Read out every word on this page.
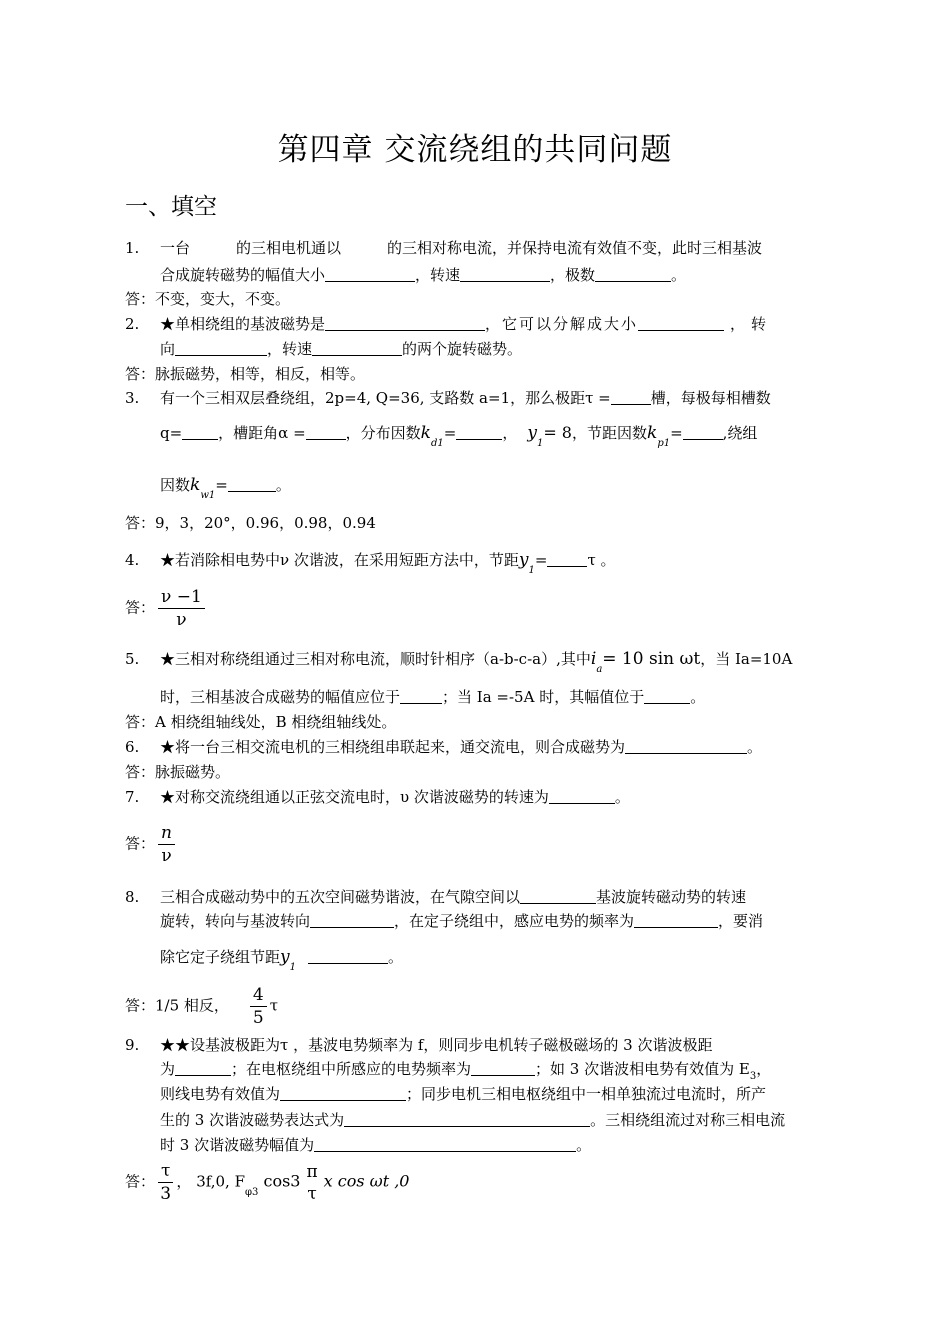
第四章 交流绕组的共同问题
一、填空
1. 一台	的三相电机通以	的三相对称电流，并保持电流有效值不变，此时三相基波
合成旋转磁势的幅值大小	，转速	，极数	。
答：不变，变大，不变。
2. ★单相绕组的基波磁势是	，它可以分解成大小	，转
向	，转速	的两个旋转磁势。
答：脉振磁势，相等，相反，相等。
3. 有一个三相双层叠绕组，2p=4, Q=36, 支路数 a=1，那么极距τ =	槽，每极每相槽数
q= ，槽距角α =	，分布因数$k_{d1}=$	， $y_1= 8$，节距因数$k_{p1}=$	,绕组
因数$k_{w1}=$	。
答：9，3，20°，0.96，0.98，0.94
4. ★若消除相电势中ν 次谐波，在采用短距方法中，节距$y_1=$	τ 。
答： $\frac{\nu -1}{\nu}$
5. ★三相对称绕组通过三相对称电流，顺时针相序（a-b-c-a）,其中$i_a= 10$ sin ωt，当 Ia=10A
时，三相基波合成磁势的幅值应位于	；当 Ia =-5A 时，其幅值位于	。
答：A 相绕组轴线处，B 相绕组轴线处。
6. ★将一台三相交流电机的三相绕组串联起来，通交流电，则合成磁势为	。
答：脉振磁势。
7. ★对称交流绕组通以正弦交流电时，υ 次谐波磁势的转速为	。
答： $\frac{n}{\nu}$
8. 三相合成磁动势中的五次空间磁势谐波，在气隙空间以	基波旋转磁动势的转速
旋转，转向与基波转向	，在定子绕组中，感应电势的频率为	，要消
除它定子绕组节距$y_1$。
答：1/5 相反， $\frac{4}{5}$ τ
9. ★★设基波极距为τ ，基波电势频率为 f，则同步电机转子磁极磁场的 3 次谐波极距
为	；在电枢绕组中所感应的电势频率为	；如 3 次谐波相电势有效值为 $E_3$，
则线电势有效值为	；同步电机三相电枢绕组中一相单独流过电流时，所产
生的 3 次谐波磁势表达式为	。三相绕组流过对称三相电流
时 3 次谐波磁势幅值为	。
答： $\frac{\tau}{3}$ ， 3f,0, $F_{\varphi 3}$ cos3 π
τ
x cos ωt ,0
